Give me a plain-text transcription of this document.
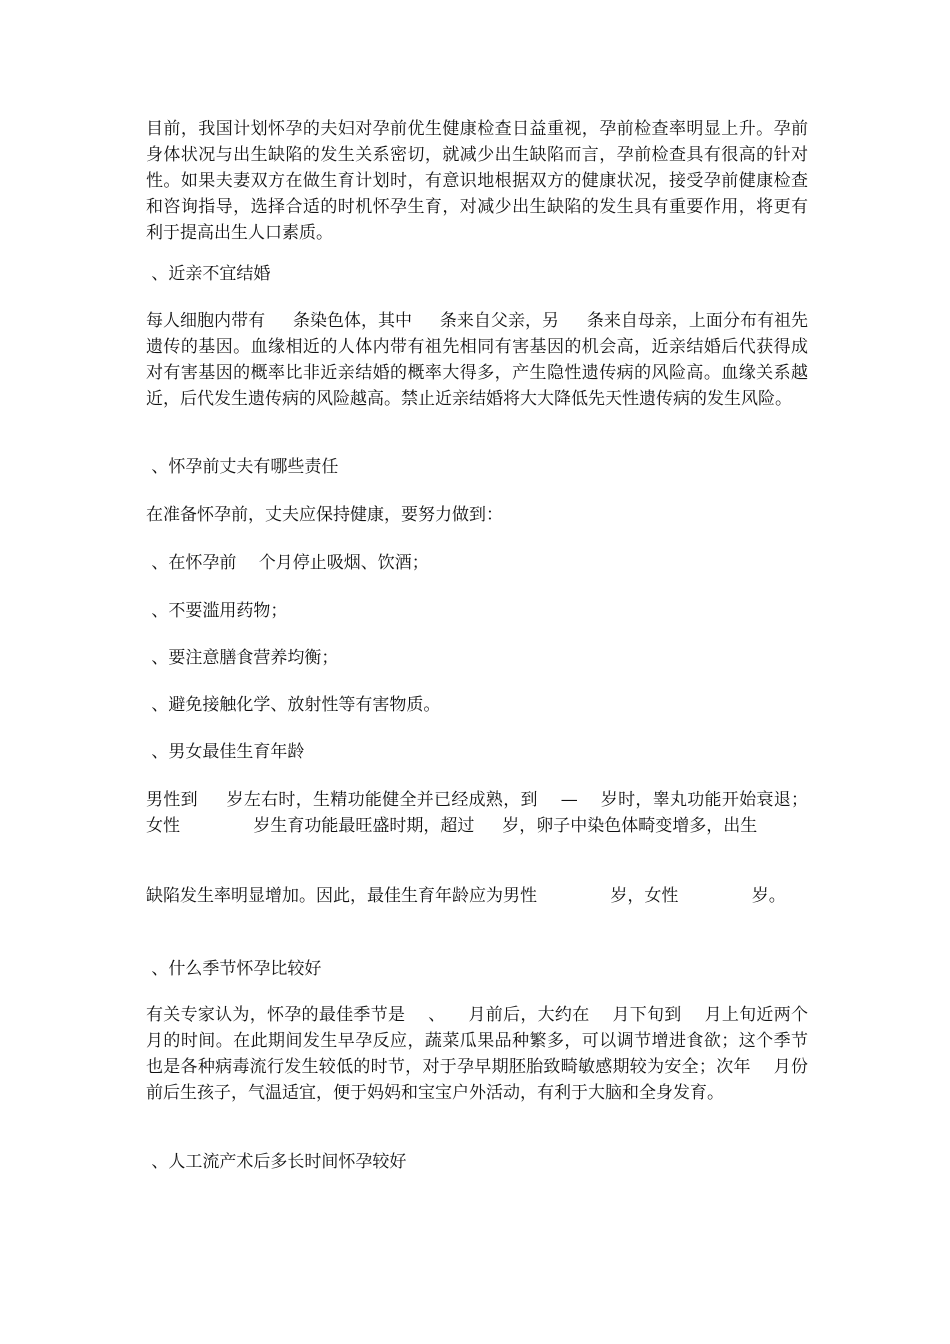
目前，我国计划怀孕的夫妇对孕前优生健康检查日益重视，孕前检查率明显上升。孕前身体状况与出生缺陷的发生关系密切，就减少出生缺陷而言，孕前检查具有很高的针对性。如果夫妻双方在做生育计划时，有意识地根据双方的健康状况，接受孕前健康检查和咨询指导，选择合适的时机怀孕生育，对减少出生缺陷的发生具有重要作用，将更有利于提高出生人口素质。

、近亲不宜结婚

每人细胞内带有 　 条染色体，其中 　 条来自父亲，另 　 条来自母亲，上面分布有祖先遗传的基因。血缘相近的人体内带有祖先相同有害基因的机会高，近亲结婚后代获得成对有害基因的概率比非近亲结婚的概率大得多，产生隐性遗传病的风险高。血缘关系越近，后代发生遗传病的风险越高。禁止近亲结婚将大大降低先天性遗传病的发生风险。

、怀孕前丈夫有哪些责任

在准备怀孕前，丈夫应保持健康，要努力做到：

、在怀孕前 　个月停止吸烟、饮酒；

、不要滥用药物；

、要注意膳食营养均衡；

、避免接触化学、放射性等有害物质。

、男女最佳生育年龄

男性到 　 岁左右时，生精功能健全并已经成熟，到 　— 　岁时，睾丸功能开始衰退；女性 　　　　岁生育功能最旺盛时期，超过 　 岁，卵子中染色体畸变增多，出生

缺陷发生率明显增加。因此，最佳生育年龄应为男性 　　　　岁，女性 　　　　岁。

、什么季节怀孕比较好

有关专家认为，怀孕的最佳季节是 　、 　月前后，大约在 　月下旬到 　月上旬近两个月的时间。在此期间发生早孕反应，蔬菜瓜果品种繁多，可以调节增进食欲；这个季节也是各种病毒流行发生较低的时节，对于孕早期胚胎致畸敏感期较为安全；次年 　月份前后生孩子，气温适宜，便于妈妈和宝宝户外活动，有利于大脑和全身发育。

、人工流产术后多长时间怀孕较好
